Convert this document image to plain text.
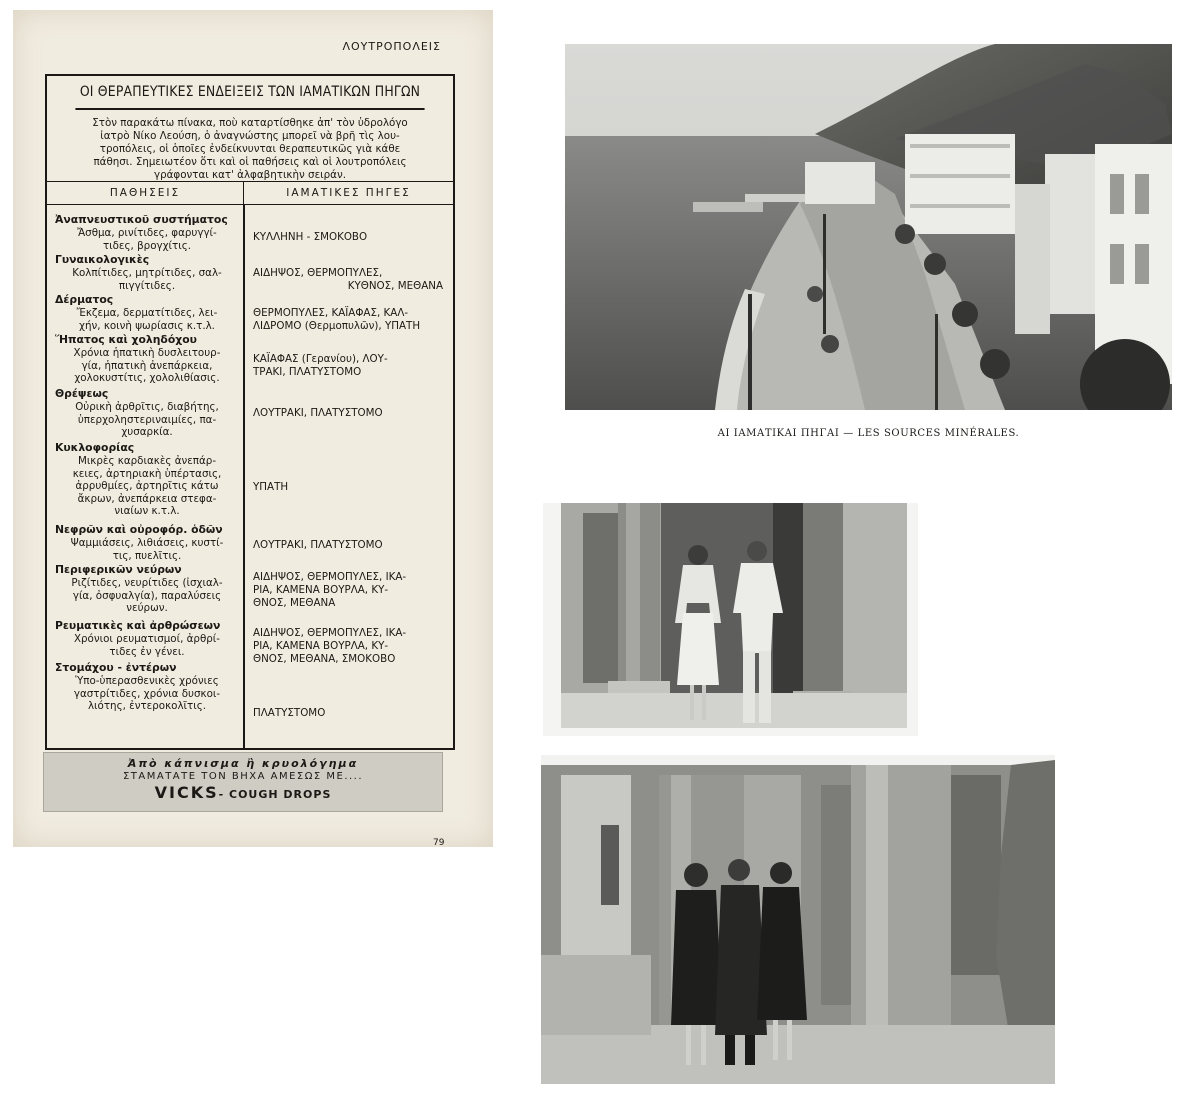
ΛΟΥΤΡΟΠΟΛΕΙΣ
ΟΙ ΘΕΡΑΠΕΥΤΙΚΕΣ ΕΝΔΕΙΞΕΙΣ ΤΩΝ ΙΑΜΑΤΙΚΩΝ ΠΗΓΩΝ
Στὸν παρακάτω πίνακα, ποὺ καταρτίσθηκε ἀπ' τὸν ὑδρολόγο
ἰατρὸ Νίκο Λεούση, ὁ ἀναγνώστης μπορεῖ νὰ βρῆ τὶς λου-
τροπόλεις, οἱ ὁποῖες ἐνδείκνυνται θεραπευτικῶς γιὰ κάθε
πάθησι. Σημειωτέον ὅτι καὶ οἱ παθήσεις καὶ οἱ λουτροπόλεις
γράφονται κατ' ἀλφαβητικὴν σειράν.
ΠΑΘΗΣΕΙΣ	ΙΑΜΑΤΙΚΕΣ ΠΗΓΕΣ
Ἀναπνευστικοῦ συστήματος
Ἄσθμα, ρινίτιδες, φαρυγγί-
τιδες, βρογχίτις.
ΚΥΛΛΗΝΗ - ΣΜΟΚΟΒΟ
Γυναικολογικὲς
Κολπίτιδες, μητρίτιδες, σαλ-
πιγγίτιδες.
ΑΙΔΗΨΟΣ, ΘΕΡΜΟΠΥΛΕΣ,
ΚΥΘΝΟΣ, ΜΕΘΑΝΑ
Δέρματος
Ἔκζεμα, δερματίτιδες, λει-
χήν, κοινὴ ψωρίασις κ.τ.λ.
ΘΕΡΜΟΠΥΛΕΣ, ΚΑΪΑΦΑΣ, ΚΑΛ-
ΛΙΔΡΟΜΟ (Θερμοπυλῶν), ΥΠΑΤΗ
Ἥπατος καὶ χοληδόχου
Χρόνια ἡπατικὴ δυσλειτουρ-
γία, ἡπατικὴ ἀνεπάρκεια,
χολοκυστίτις, χολολιθίασις.
ΚΑΪΑΦΑΣ (Γερανίου), ΛΟΥ-
ΤΡΑΚΙ, ΠΛΑΤΥΣΤΟΜΟ
Θρέψεως
Οὐρικὴ ἀρθρῖτις, διαβήτης,
ὑπερχοληστεριναιμίες, πα-
χυσαρκία.
ΛΟΥΤΡΑΚΙ, ΠΛΑΤΥΣΤΟΜΟ
Κυκλοφορίας
Μικρὲς καρδιακὲς ἀνεπάρ-
κειες, ἀρτηριακὴ ὑπέρτασις,
ἀρρυθμίες, ἀρτηρῖτις κάτω
ἄκρων, ἀνεπάρκεια στεφα-
νιαίων κ.τ.λ.
ΥΠΑΤΗ
Νεφρῶν καὶ οὐροφόρ. ὁδῶν
Ψαμμιάσεις, λιθιάσεις, κυστί-
τις, πυελῖτις.
ΛΟΥΤΡΑΚΙ, ΠΛΑΤΥΣΤΟΜΟ
Περιφερικῶν νεύρων
Ριζίτιδες, νευρίτιδες (ἰσχιαλ-
γία, ὀσφυαλγία), παραλύσεις
νεύρων.
ΑΙΔΗΨΟΣ, ΘΕΡΜΟΠΥΛΕΣ, ΙΚΑ-
ΡΙΑ, ΚΑΜΕΝΑ ΒΟΥΡΛΑ, ΚΥ-
ΘΝΟΣ, ΜΕΘΑΝΑ
Ρευματικὲς καὶ ἀρθρώσεων
Χρόνιοι ρευματισμοί, ἀρθρί-
τιδες ἐν γένει.
ΑΙΔΗΨΟΣ, ΘΕΡΜΟΠΥΛΕΣ, ΙΚΑ-
ΡΙΑ, ΚΑΜΕΝΑ ΒΟΥΡΛΑ, ΚΥ-
ΘΝΟΣ, ΜΕΘΑΝΑ, ΣΜΟΚΟΒΟ
Στομάχου - ἐντέρων
Ὑπο-ὑπερασθενικὲς χρόνιες
γαστρίτιδες, χρόνια δυσκοι-
λιότης, ἐντεροκολῖτις.
ΠΛΑΤΥΣΤΟΜΟ
Ἀπὸ κάπνισμα ἢ κρυολόγημα
ΣΤΑΜΑΤΑΤΕ ΤΟΝ ΒΗΧΑ ΑΜΕΣΩΣ ΜΕ....
VICKS- COUGH DROPS
79
ΑΙ ΙΑΜΑΤΙΚΑΙ ΠΗΓΑΙ — LES SOURCES MINÉRALES.
